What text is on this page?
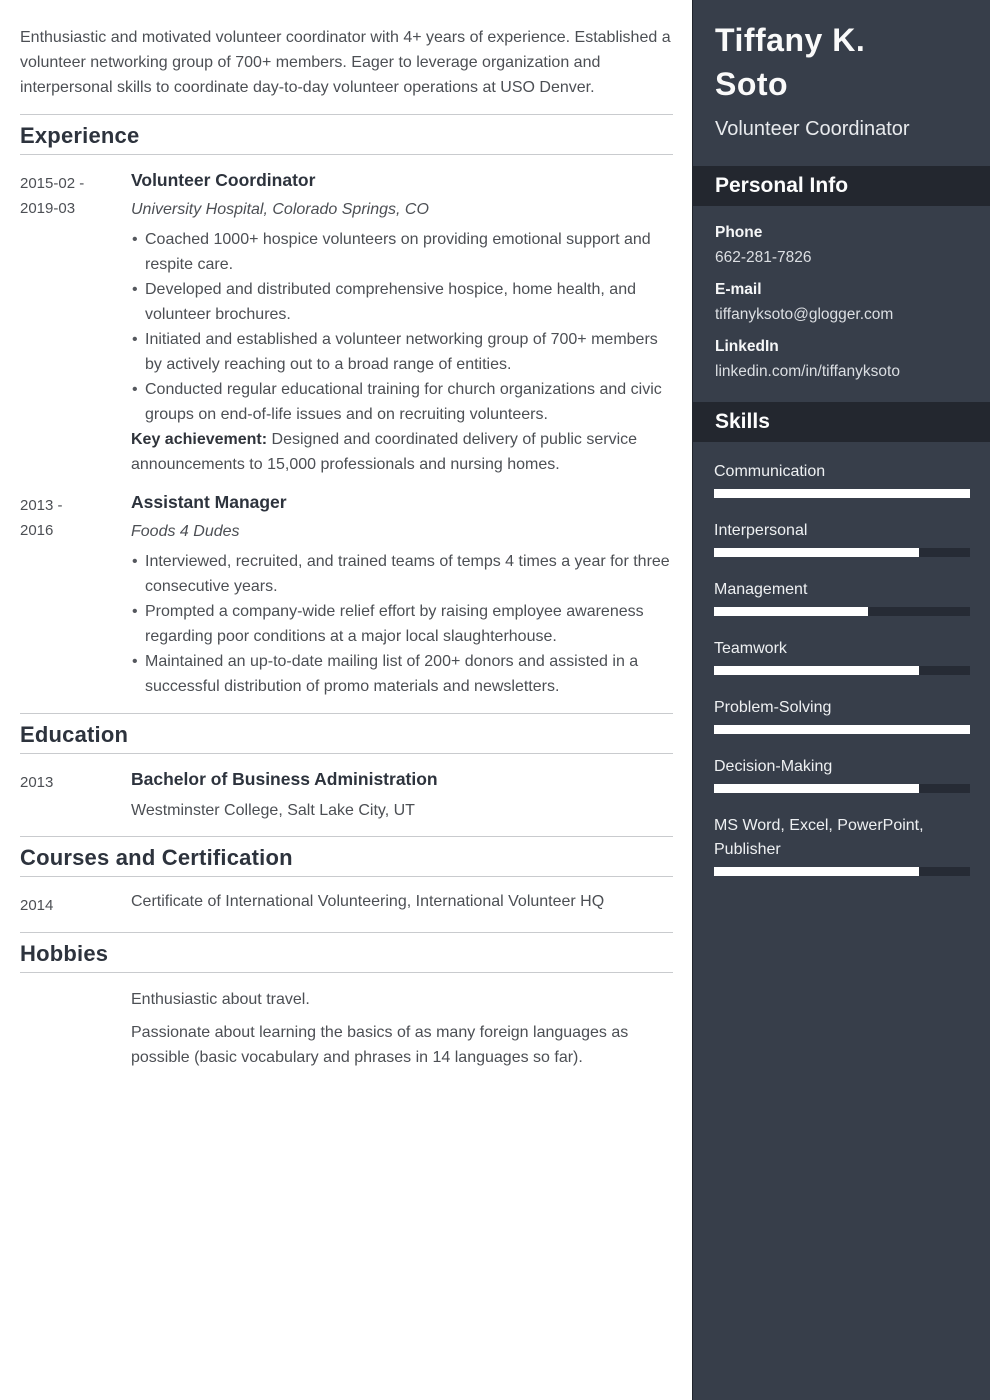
Enthusiastic and motivated volunteer coordinator with 4+ years of experience. Established a volunteer networking group of 700+ members. Eager to leverage organization and interpersonal skills to coordinate day-to-day volunteer operations at USO Denver.

Experience
2015-02 -
2019-03
Volunteer Coordinator

University Hospital, Colorado Springs, CO

• Coached 1000+ hospice volunteers on providing emotional support and respite care.
• Developed and distributed comprehensive hospice, home health, and volunteer brochures.
• Initiated and established a volunteer networking group of 700+ members by actively reaching out to a broad range of entities.
• Conducted regular educational training for church organizations and civic groups on end-of-life issues and on recruiting volunteers.

Key achievement: Designed and coordinated delivery of public service announcements to 15,000 professionals and nursing homes.

2013 -
2016
Assistant Manager

Foods 4 Dudes

• Interviewed, recruited, and trained teams of temps 4 times a year for three consecutive years.
• Prompted a company-wide relief effort by raising employee awareness regarding poor conditions at a major local slaughterhouse.
• Maintained an up-to-date mailing list of 200+ donors and assisted in a successful distribution of promo materials and newsletters.
Education
2013	Bachelor of Business Administration

Westminster College, Salt Lake City, UT

Courses and Certification
2014	Certificate of International Volunteering, International Volunteer HQ

Hobbies

Enthusiastic about travel.

Passionate about learning the basics of as many foreign languages as possible (basic vocabulary and phrases in 14 languages so far).

Tiffany K. Soto

Volunteer Coordinator

Personal Info

Phone

662-281-7826

E-mail

tiffanyksoto@glogger.com

LinkedIn

linkedin.com/in/tiffanyksoto

Skills

Communication

Interpersonal

Management

Teamwork

Problem-Solving

Decision-Making

MS Word, Excel, PowerPoint, Publisher
